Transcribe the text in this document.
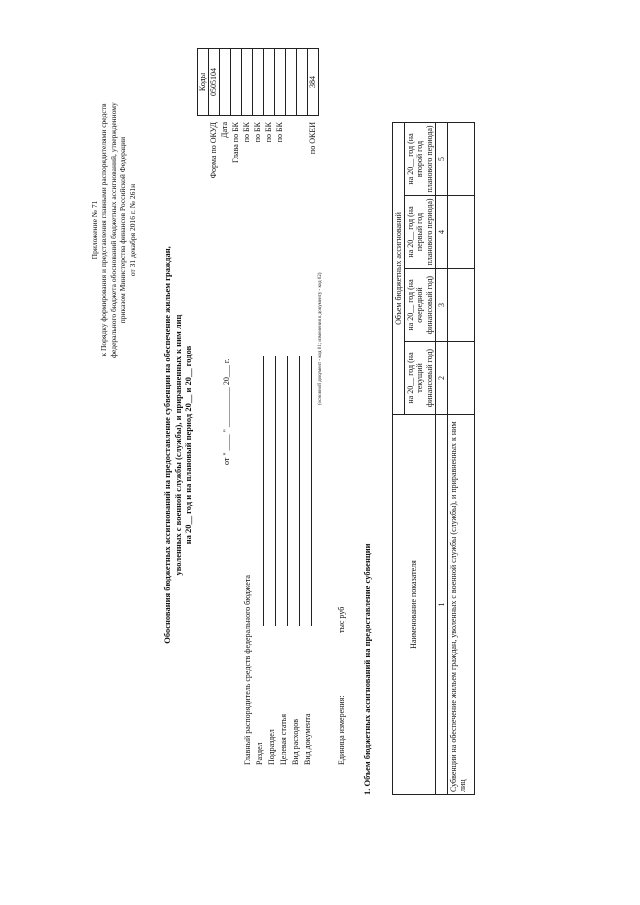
Приложение № 71 к Порядку формирования и представления главными распорядителями средств федерального бюджета обоснований бюджетных ассигнований, утвержденному приказом Министерства финансов Российской Федерации от 31 декабря 2016 г. № 261н
Обоснования бюджетных ассигнований на предоставление субвенции на обеспечение жильем граждан, уволенных с военной службы (службы), и приравненных к ним лиц на 20__ год и на плановый период 20__ и 20__ годов	от " ____ " __________ 20___ г.
	Коды
Форма по ОКУД	0505104
Дата	
Глава по БК	
по БК	
по БК	
по БК	
по БК	

по ОКЕИ	384
Главный распорядитель средств федерального бюджета Раздел Подраздел Целевая статья Вид расходов Вид документа
(основной документ - код 01; изменения к документу - код 02)
Единица измерения:
тыс руб 1. Объем бюджетных ассигнований на предоставление субвенции	Наименование показателя	Объем бюджетных ассигнований			
	на 20__ год (на текущий финансовый год)	на 20__ год (на очередной финансовый год)	на 20__ год (на первый год планового периода)	на 20__ год (на второй год планового периода)
1	2	3	4	5
Субвенции на обеспечение жильем граждан, уволенных с военной службы (службы), и приравненных к ним лиц				
